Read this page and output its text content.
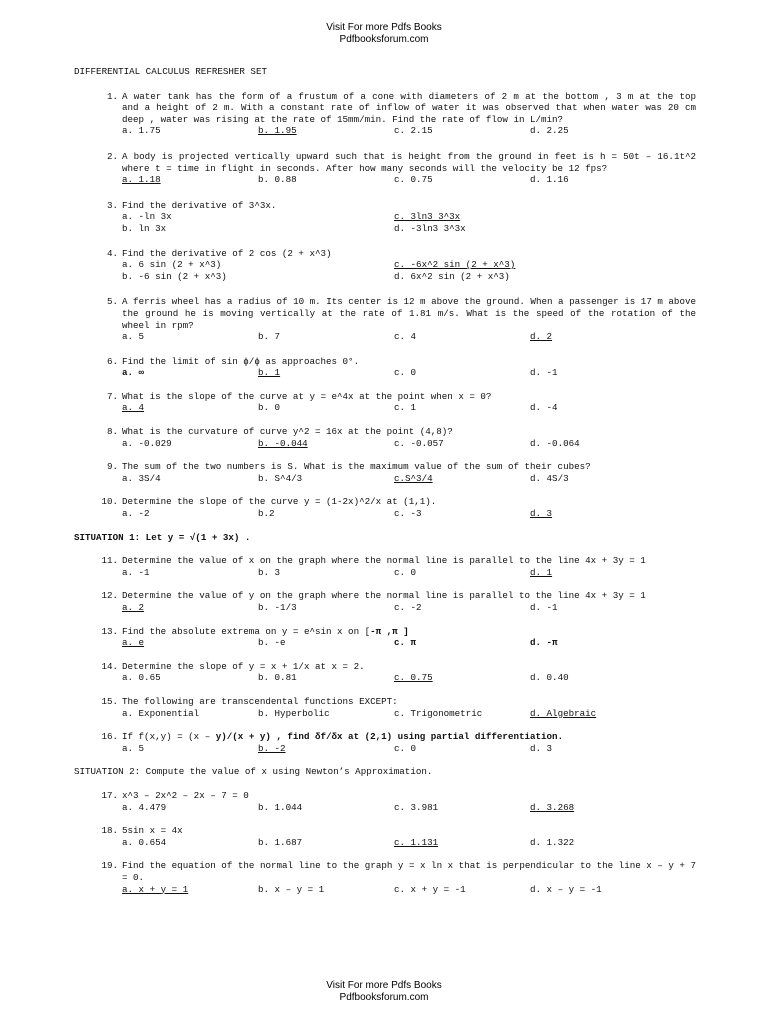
Visit For more Pdfs Books
Pdfbooksforum.com
DIFFERENTIAL CALCULUS REFRESHER SET
1. A water tank has the form of a frustum of a cone with diameters of 2 m at the bottom , 3 m at the top and a height of 2 m. With a constant rate of inflow of water it was observed that when water was 20 cm deep , water was rising at the rate of 15mm/min. Find the rate of flow in L/min?
a. 1.75	b. 1.95	c. 2.15	d. 2.25
2. A body is projected vertically upward such that is height from the ground in feet is h = 50t – 16.1t^2 where t = time in flight in seconds. After how many seconds will the velocity be 12 fps?
a. 1.18	b. 0.88	c. 0.75	d. 1.16
3. Find the derivative of 3^3x.
a. -ln 3x	c. 3ln3 3^3x
b. ln 3x	d. -3ln3 3^3x
4. Find the derivative of 2 cos (2 + x^3)
a. 6 sin (2 + x^3)	c. -6x^2 sin (2 + x^3)
b. -6 sin (2 + x^3)	d. 6x^2 sin (2 + x^3)
5. A ferris wheel has a radius of 10 m. Its center is 12 m above the ground. When a passenger is 17 m above the ground he is moving vertically at the rate of 1.81 m/s. What is the speed of the rotation of the wheel in rpm?
a. 5	b. 7	c. 4	d. 2
6. Find the limit of sin ϕ/ϕ as approaches 0°.
a. ∞	b. 1	c. 0	d. -1
7. What is the slope of the curve at y = e^4x at the point when x = 0?
a. 4	b. 0	c. 1	d. -4
8. What is the curvature of curve y^2 = 16x at the point (4,8)?
a. -0.029	b. -0.044	c. -0.057	d. -0.064
9. The sum of the two numbers is S. What is the maximum value of the sum of their cubes?
a. 3S/4	b. S^4/3	c.S^3/4	d. 4S/3
10. Determine the slope of the curve y = (1-2x)^2/x at (1,1).
a. -2	b.2	c. -3	d. 3
SITUATION 1: Let y = √(1 + 3x) .
11. Determine the value of x on the graph where the normal line is parallel to the line 4x + 3y = 1
a. -1	b. 3	c. 0	d. 1
12. Determine the value of y on the graph where the normal line is parallel to the line 4x + 3y = 1
a. 2	b. -1/3	c. -2	d. -1
13. Find the absolute extrema on y = e^sin x on [-π ,π ]
a. e	b. -e	c. π	d. -π
14. Determine the slope of y = x + 1/x at x = 2.
a. 0.65	b. 0.81	c. 0.75	d. 0.40
15. The following are transcendental functions EXCEPT:
a. Exponential	b. Hyperbolic	c. Trigonometric	d. Algebraic
16. If f(x,y) = (x – y)/(x + y) , find δf/δx at (2,1) using partial differentiation.
a. 5	b. -2	c. 0	d. 3
SITUATION 2: Compute the value of x using Newton’s Approximation.
17. x^3 – 2x^2 – 2x – 7 = 0
a. 4.479	b. 1.044	c. 3.981	d. 3.268
18. 5sin x = 4x
a. 0.654	b. 1.687	c. 1.131	d. 1.322
19. Find the equation of the normal line to the graph y = x ln x that is perpendicular to the line x – y + 7 = 0.
a. x + y = 1	b. x – y = 1	c. x + y = -1	d. x – y = -1
Visit For more Pdfs Books
Pdfbooksforum.com
